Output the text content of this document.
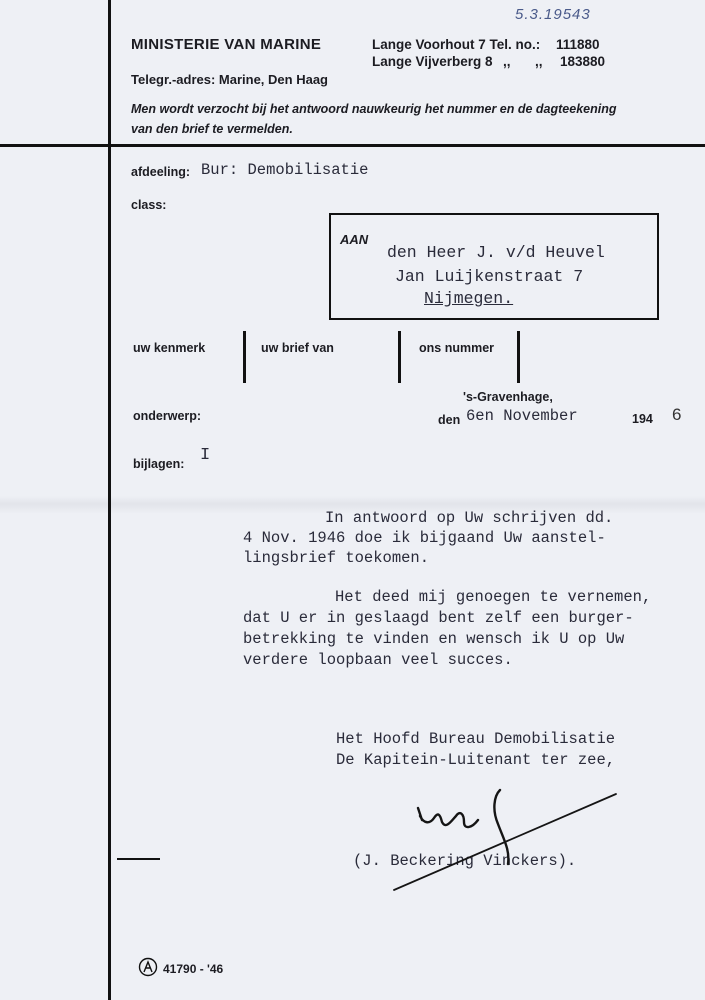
5.3.19543
MINISTERIE VAN MARINE
Telegr.-adres: Marine, Den Haag
Lange Voorhout 7 Tel. no.: 111880
Lange Vijverberg 8 ,, ,, 183880
Men wordt verzocht bij het antwoord nauwkeurig het nummer en de dagteekening
van den brief te vermelden.
afdeeling: Bur: Demobilisatie
class:
AAN
den Heer J. v/d Heuvel
Jan Luijkenstraat 7
Nijmegen.
uw kenmerk	uw brief van	ons nummer
's-Gravenhage,
onderwerp:	den 6en November	194 6
bijlagen: I
In antwoord op Uw schrijven dd.
4 Nov. 1946 doe ik bijgaand Uw aanstel-
lingsbrief toekomen.
Het deed mij genoegen te vernemen,
dat U er in geslaagd bent zelf een burger-
betrekking te vinden en wensch ik U op Uw
verdere loopbaan veel succes.
Het Hoofd Bureau Demobilisatie
De Kapitein-Luitenant ter zee,
(J. Beckering Vinckers).
41790 - '46
